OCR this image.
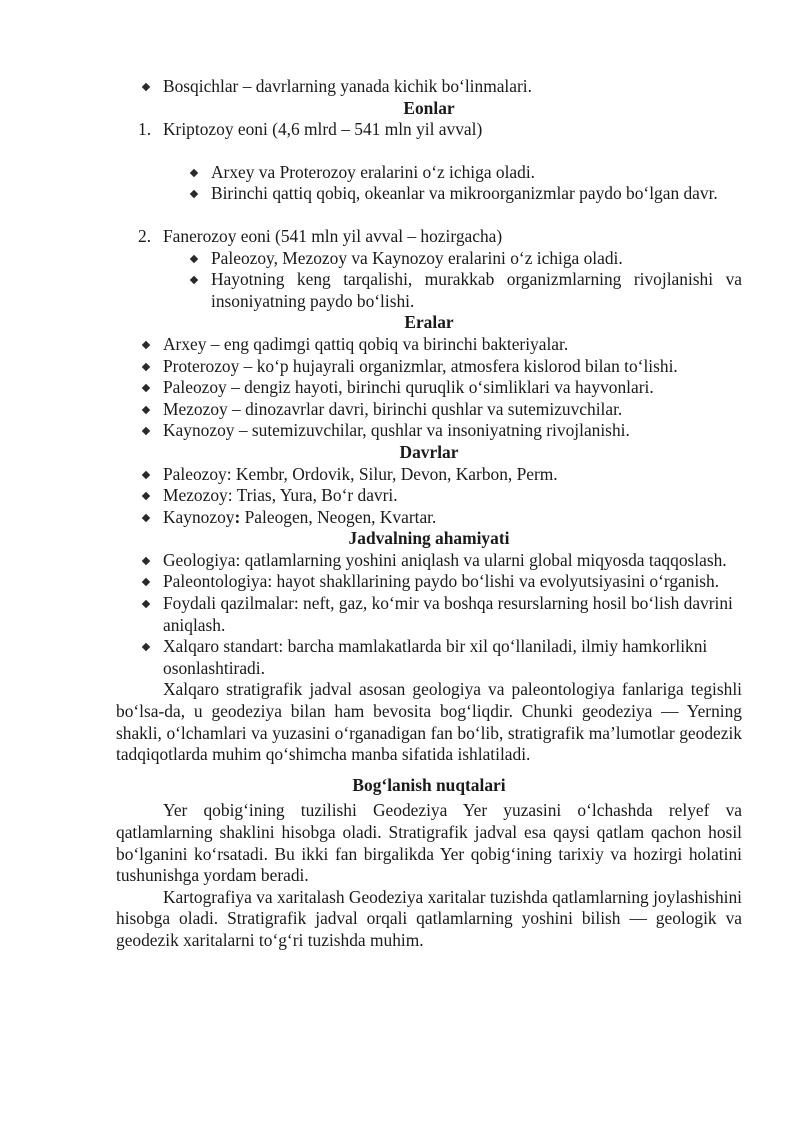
Bosqichlar – davrlarning yanada kichik bo‘linmalari.
Eonlar
1. Kriptozoy eoni (4,6 mlrd – 541 mln yil avval)
Arxey va Proterozoy eralarini o‘z ichiga oladi.
Birinchi qattiq qobiq, okeanlar va mikroorganizmlar paydo bo‘lgan davr.
2. Fanerozoy eoni (541 mln yil avval – hozirgacha)
Paleozoy, Mezozoy va Kaynozoy eralarini o‘z ichiga oladi.
Hayotning keng tarqalishi, murakkab organizmlarning rivojlanishi va insoniyatning paydo bo‘lishi.
Eralar
Arxey – eng qadimgi qattiq qobiq va birinchi bakteriyalar.
Proterozoy – ko‘p hujayrali organizmlar, atmosfera kislorod bilan to‘lishi.
Paleozoy – dengiz hayoti, birinchi quruqlik o‘simliklari va hayvonlari.
Mezozoy – dinozavrlar davri, birinchi qushlar va sutemizuvchilar.
Kaynozoy – sutemizuvchilar, qushlar va insoniyatning rivojlanishi.
Davrlar
Paleozoy: Kembr, Ordovik, Silur, Devon, Karbon, Perm.
Mezozoy: Trias, Yura, Bo‘r davri.
Kaynozoy: Paleogen, Neogen, Kvartar.
Jadvalning ahamiyati
Geologiya: qatlamlarning yoshini aniqlash va ularni global miqyosda taqqoslash.
Paleontologiya: hayot shakllarining paydo bo‘lishi va evolyutsiyasini o‘rganish.
Foydali qazilmalar: neft, gaz, ko‘mir va boshqa resurslarning hosil bo‘lish davrini aniqlash.
Xalqaro standart: barcha mamlakatlarda bir xil qo‘llaniladi, ilmiy hamkorlikni osonlashtiradi.
Xalqaro stratigrafik jadval asosan geologiya va paleontologiya fanlariga tegishli bo‘lsa-da, u geodeziya bilan ham bevosita bog‘liqdir. Chunki geodeziya — Yerning shakli, o‘lchamlari va yuzasini o‘rganadigan fan bo‘lib, stratigrafik ma’lumotlar geodezik tadqiqotlarda muhim qo‘shimcha manba sifatida ishlatiladi.
Bog‘lanish nuqtalari
Yer qobig‘ining tuzilishi Geodeziya Yer yuzasini o‘lchashda relyef va qatlamlarning shaklini hisobga oladi. Stratigrafik jadval esa qaysi qatlam qachon hosil bo‘lganini ko‘rsatadi. Bu ikki fan birgalikda Yer qobig‘ining tarixiy va hozirgi holatini tushunishga yordam beradi.
Kartografiya va xaritalash Geodeziya xaritalar tuzishda qatlamlarning joylashishini hisobga oladi. Stratigrafik jadval orqali qatlamlarning yoshini bilish — geologik va geodezik xaritalarni to‘g‘ri tuzishda muhim.
